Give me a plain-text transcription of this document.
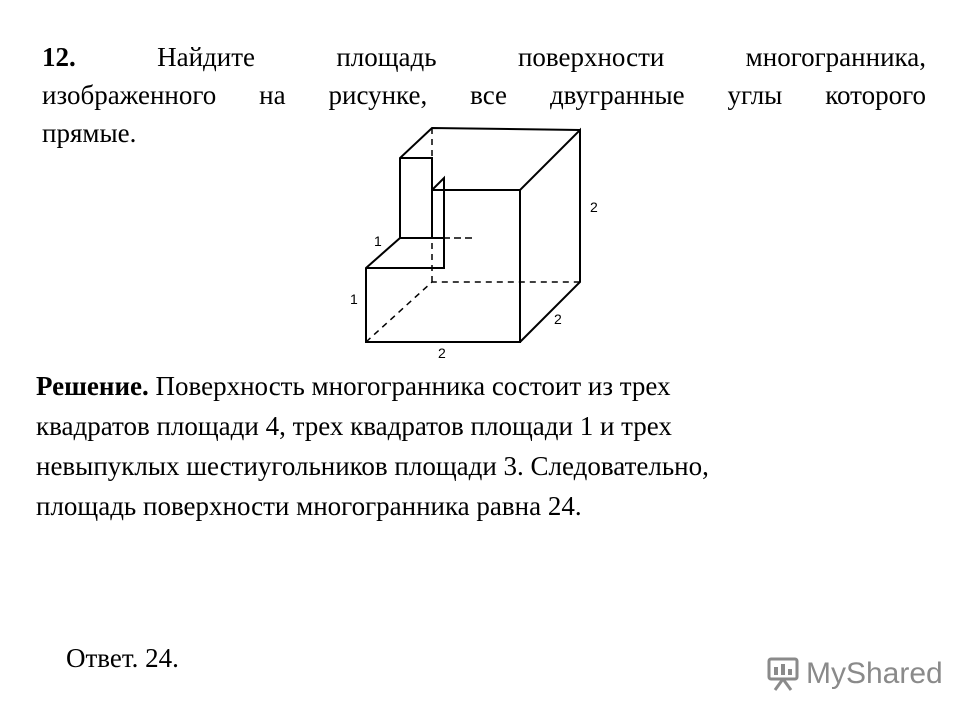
12.	Найдите	площадь	поверхности	многогранника,
изображенного на рисунке, все двугранные углы которого
прямые.
2
1
1
2
2
Решение. Поверхность многогранника состоит из трех
квадратов площади 4, трех квадратов площади 1 и трех
невыпуклых шестиугольников площади 3. Следовательно,
площадь поверхности многогранника равна 24.
Ответ. 24.	MyShared
